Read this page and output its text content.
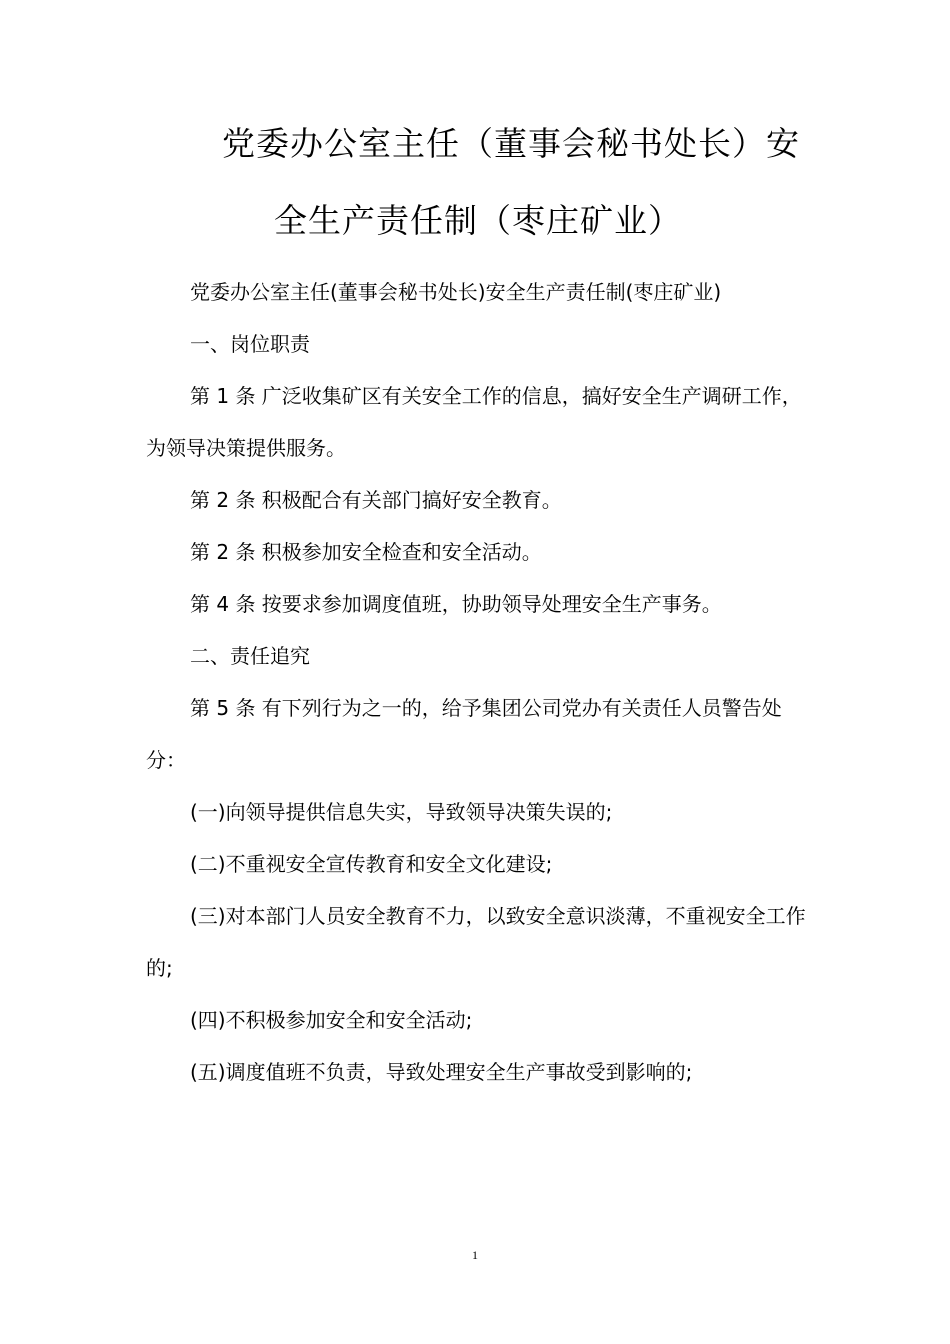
党委办公室主任（董事会秘书处长）安
全生产责任制（枣庄矿业）

党委办公室主任(董事会秘书处长)安全生产责任制(枣庄矿业)

一、岗位职责

第 1 条 广泛收集矿区有关安全工作的信息，搞好安全生产调研工作，为领导决策提供服务。

第 2 条 积极配合有关部门搞好安全教育。

第 2 条 积极参加安全检查和安全活动。

第 4 条 按要求参加调度值班，协助领导处理安全生产事务。

二、责任追究

第 5 条 有下列行为之一的，给予集团公司党办有关责任人员警告处分：

(一)向领导提供信息失实，导致领导决策失误的;

(二)不重视安全宣传教育和安全文化建设;

(三)对本部门人员安全教育不力，以致安全意识淡薄，不重视安全工作的;

(四)不积极参加安全和安全活动;

(五)调度值班不负责，导致处理安全生产事故受到影响的;

1
